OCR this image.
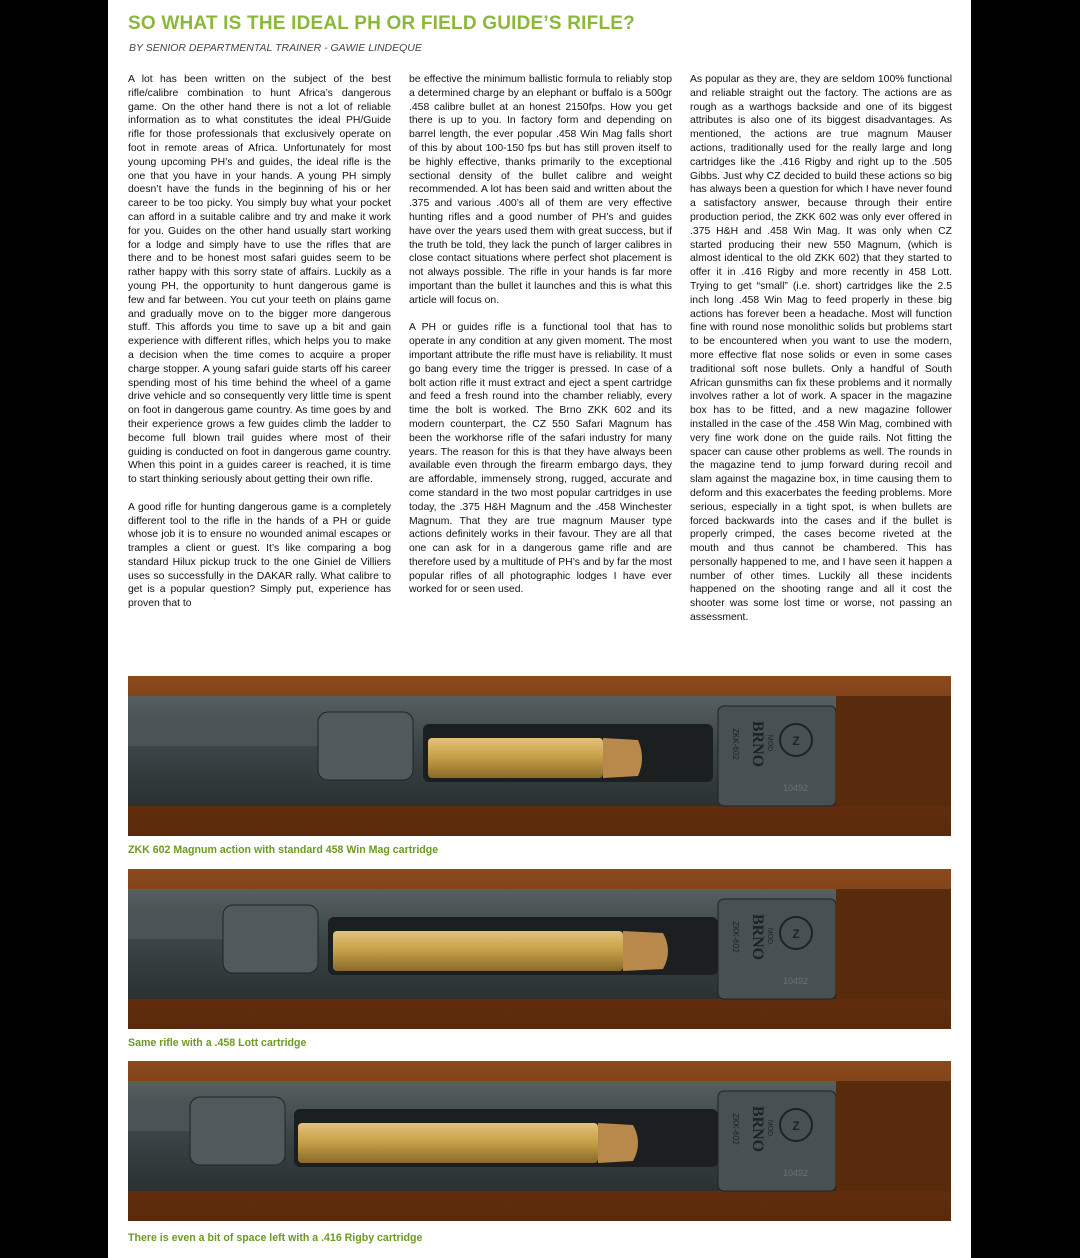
SO WHAT IS THE IDEAL PH OR FIELD GUIDE’S RIFLE?
BY SENIOR DEPARTMENTAL TRAINER - GAWIE LINDEQUE

A lot has been written on the subject of the best rifle/calibre combination to hunt Africa’s dangerous game. On the other hand there is not a lot of reliable information as to what constitutes the ideal PH/Guide rifle for those professionals that exclusively operate on foot in remote areas of Africa. Unfortunately for most young upcoming PH’s and guides, the ideal rifle is the one that you have in your hands. A young PH simply doesn’t have the funds in the beginning of his or her career to be too picky. You simply buy what your pocket can afford in a suitable calibre and try and make it work for you. Guides on the other hand usually start working for a lodge and simply have to use the rifles that are there and to be honest most safari guides seem to be rather happy with this sorry state of affairs. Luckily as a young PH, the opportunity to hunt dangerous game is few and far between. You cut your teeth on plains game and gradually move on to the bigger more dangerous stuff. This affords you time to save up a bit and gain experience with different rifles, which helps you to make a decision when the time comes to acquire a proper charge stopper. A young safari guide starts off his career spending most of his time behind the wheel of a game drive vehicle and so consequently very little time is spent on foot in dangerous game country. As time goes by and their experience grows a few guides climb the ladder to become full blown trail guides where most of their guiding is conducted on foot in dangerous game country. When this point in a guides career is reached, it is time to start thinking seriously about getting their own rifle.

A good rifle for hunting dangerous game is a completely different tool to the rifle in the hands of a PH or guide whose job it is to ensure no wounded animal escapes or tramples a client or guest. It’s like comparing a bog standard Hilux pickup truck to the one Giniel de Villiers uses so successfully in the DAKAR rally. What calibre to get is a popular question? Simply put, experience has proven that to

be effective the minimum ballistic formula to reliably stop a determined charge by an elephant or buffalo is a 500gr .458 calibre bullet at an honest 2150fps. How you get there is up to you. In factory form and depending on barrel length, the ever popular .458 Win Mag falls short of this by about 100-150 fps but has still proven itself to be highly effective, thanks primarily to the exceptional sectional density of the bullet calibre and weight recommended. A lot has been said and written about the .375 and various .400’s all of them are very effective hunting rifles and a good number of PH’s and guides have over the years used them with great success, but if the truth be told, they lack the punch of larger calibres in close contact situations where perfect shot placement is not always possible. The rifle in your hands is far more important than the bullet it launches and this is what this article will focus on.

A PH or guides rifle is a functional tool that has to operate in any condition at any given moment. The most important attribute the rifle must have is reliability. It must go bang every time the trigger is pressed. In case of a bolt action rifle it must extract and eject a spent cartridge and feed a fresh round into the chamber reliably, every time the bolt is worked. The Brno ZKK 602 and its modern counterpart, the CZ 550 Safari Magnum has been the workhorse rifle of the safari industry for many years. The reason for this is that they have always been available even through the firearm embargo days, they are affordable, immensely strong, rugged, accurate and come standard in the two most popular cartridges in use today, the .375 H&H Magnum and the .458 Winchester Magnum. That they are true magnum Mauser type actions definitely works in their favour. They are all that one can ask for in a dangerous game rifle and are therefore used by a multitude of PH’s and by far the most popular rifles of all photographic lodges I have ever worked for or seen used.

As popular as they are, they are seldom 100% functional and reliable straight out the factory. The actions are as rough as a warthogs backside and one of its biggest attributes is also one of its biggest disadvantages. As mentioned, the actions are true magnum Mauser actions, traditionally used for the really large and long cartridges like the .416 Rigby and right up to the .505 Gibbs. Just why CZ decided to build these actions so big has always been a question for which I have never found a satisfactory answer, because through their entire production period, the ZKK 602 was only ever offered in .375 H&H and .458 Win Mag. It was only when CZ started producing their new 550 Magnum, (which is almost identical to the old ZKK 602) that they started to offer it in .416 Rigby and more recently in 458 Lott. Trying to get “small” (i.e. short) cartridges like the 2.5 inch long .458 Win Mag to feed properly in these big actions has forever been a headache. Most will function fine with round nose monolithic solids but problems start to be encountered when you want to use the modern, more effective flat nose solids or even in some cases traditional soft nose bullets. Only a handful of South African gunsmiths can fix these problems and it normally involves rather a lot of work. A spacer in the magazine box has to be fitted, and a new magazine follower installed in the case of the .458 Win Mag, combined with very fine work done on the guide rails. Not fitting the spacer can cause other problems as well. The rounds in the magazine tend to jump forward during recoil and slam against the magazine box, in time causing them to deform and this exacerbates the feeding problems. More serious, especially in a tight spot, is when bullets are forced backwards into the cases and if the bullet is properly crimped, the cases become riveted at the mouth and thus cannot be chambered. This has personally happened to me, and I have seen it happen a number of other times. Luckily all these incidents happened on the shooting range and all it cost the shooter was some lost time or worse, not passing an assessment.

Z
BRNO
ZKK-602	MOD.
10492
ZKK 602 Magnum action with standard 458 Win Mag cartridge
Z
BRNO
ZKK-602	MOD.
10492
Same rifle with a .458 Lott cartridge
Z
BRNO
ZKK-602	MOD.
10492
There is even a bit of space left with a .416 Rigby cartridge
